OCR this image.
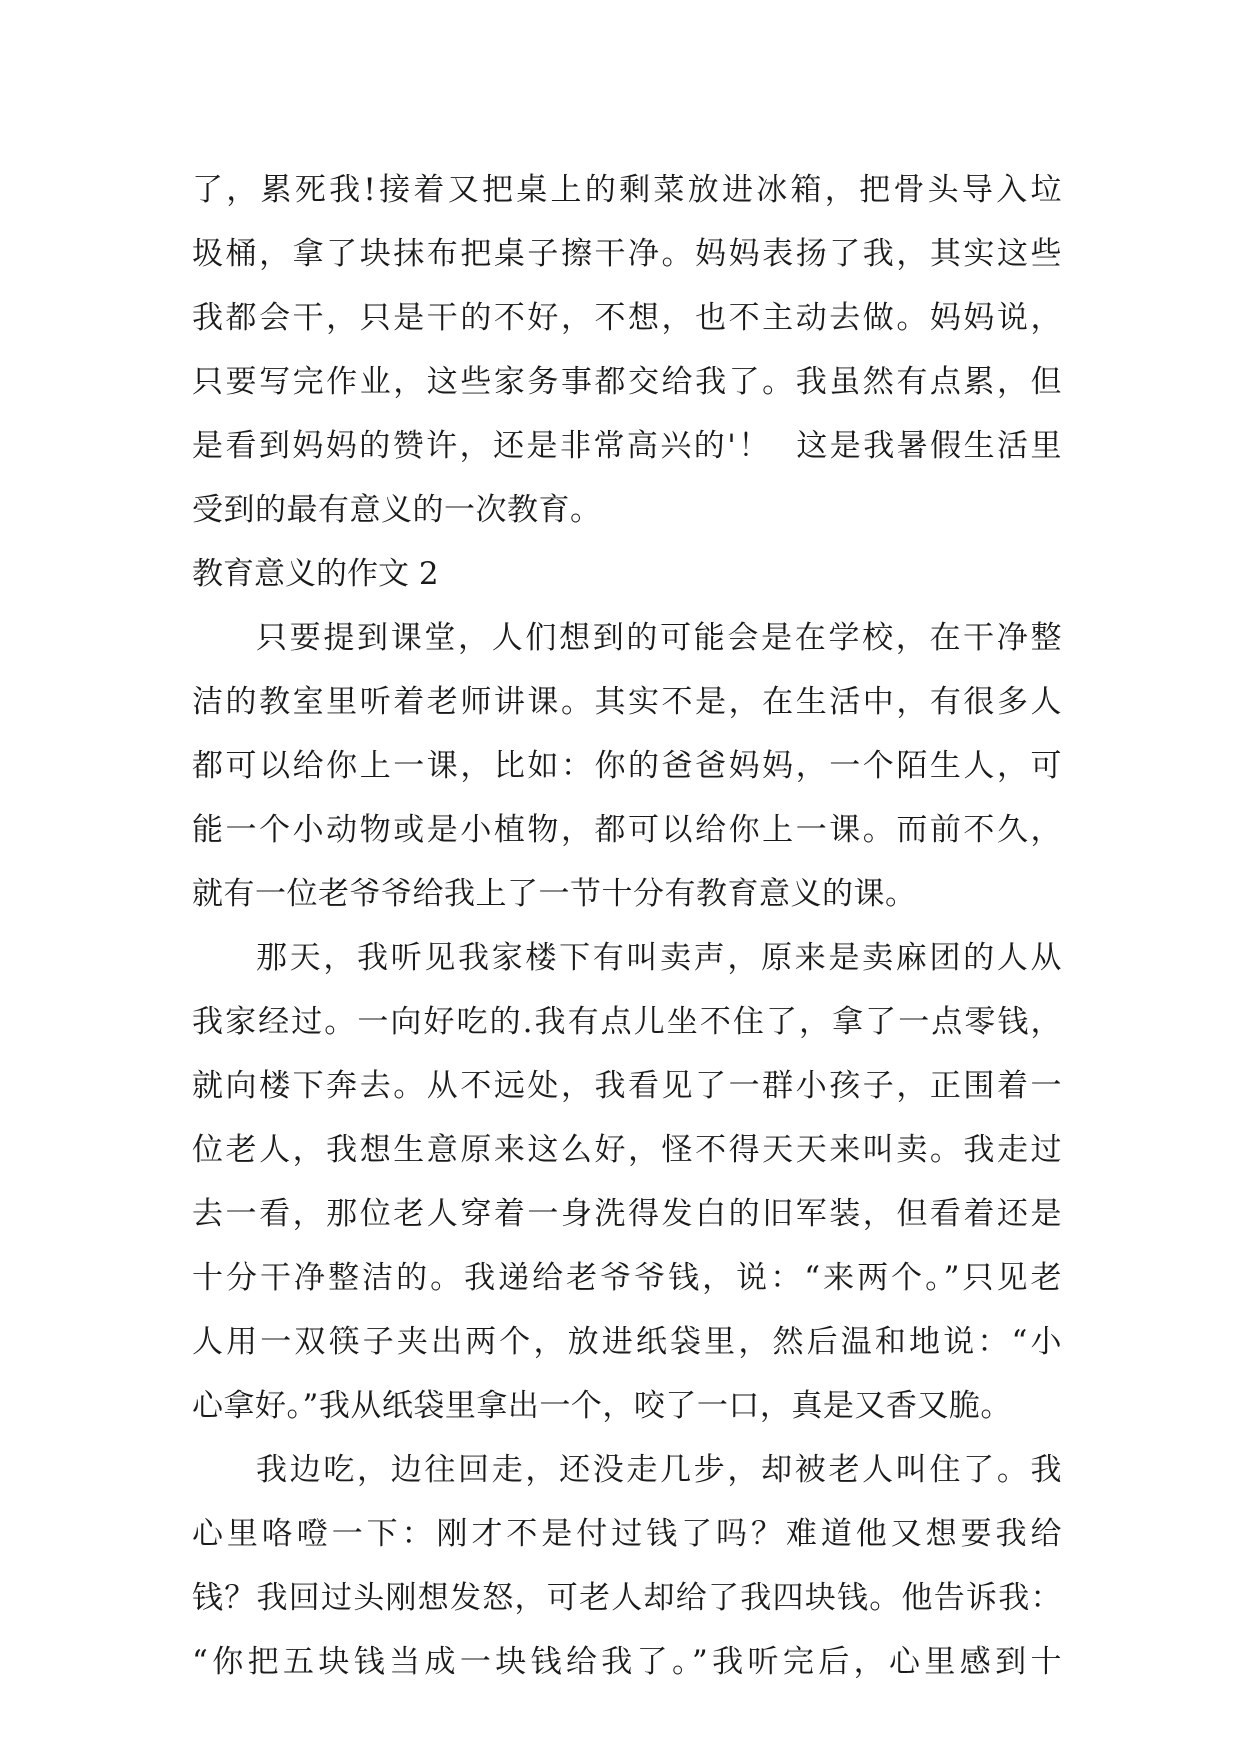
了，累死我!接着又把桌上的剩菜放进冰箱，把骨头导入垃
圾桶，拿了块抹布把桌子擦干净。妈妈表扬了我，其实这些
我都会干，只是干的不好，不想，也不主动去做。妈妈说，
只要写完作业，这些家务事都交给我了。我虽然有点累，但
是看到妈妈的赞许，还是非常高兴的'！  这是我暑假生活里
受到的最有意义的一次教育。
教育意义的作文 2
只要提到课堂，人们想到的可能会是在学校，在干净整
洁的教室里听着老师讲课。其实不是，在生活中，有很多人
都可以给你上一课，比如：你的爸爸妈妈，一个陌生人，可
能一个小动物或是小植物，都可以给你上一课。而前不久，
就有一位老爷爷给我上了一节十分有教育意义的课。
那天，我听见我家楼下有叫卖声，原来是卖麻团的人从
我家经过。一向好吃的.我有点儿坐不住了，拿了一点零钱，
就向楼下奔去。从不远处，我看见了一群小孩子，正围着一
位老人，我想生意原来这么好，怪不得天天来叫卖。我走过
去一看，那位老人穿着一身洗得发白的旧军装，但看着还是
十分干净整洁的。我递给老爷爷钱，说：“来两个。”只见老
人用一双筷子夹出两个，放进纸袋里，然后温和地说：“小
心拿好。”我从纸袋里拿出一个，咬了一口，真是又香又脆。
我边吃，边往回走，还没走几步，却被老人叫住了。我
心里咯噔一下：刚才不是付过钱了吗？难道他又想要我给
钱？我回过头刚想发怒，可老人却给了我四块钱。他告诉我：
“你把五块钱当成一块钱给我了。”我听完后，心里感到十
